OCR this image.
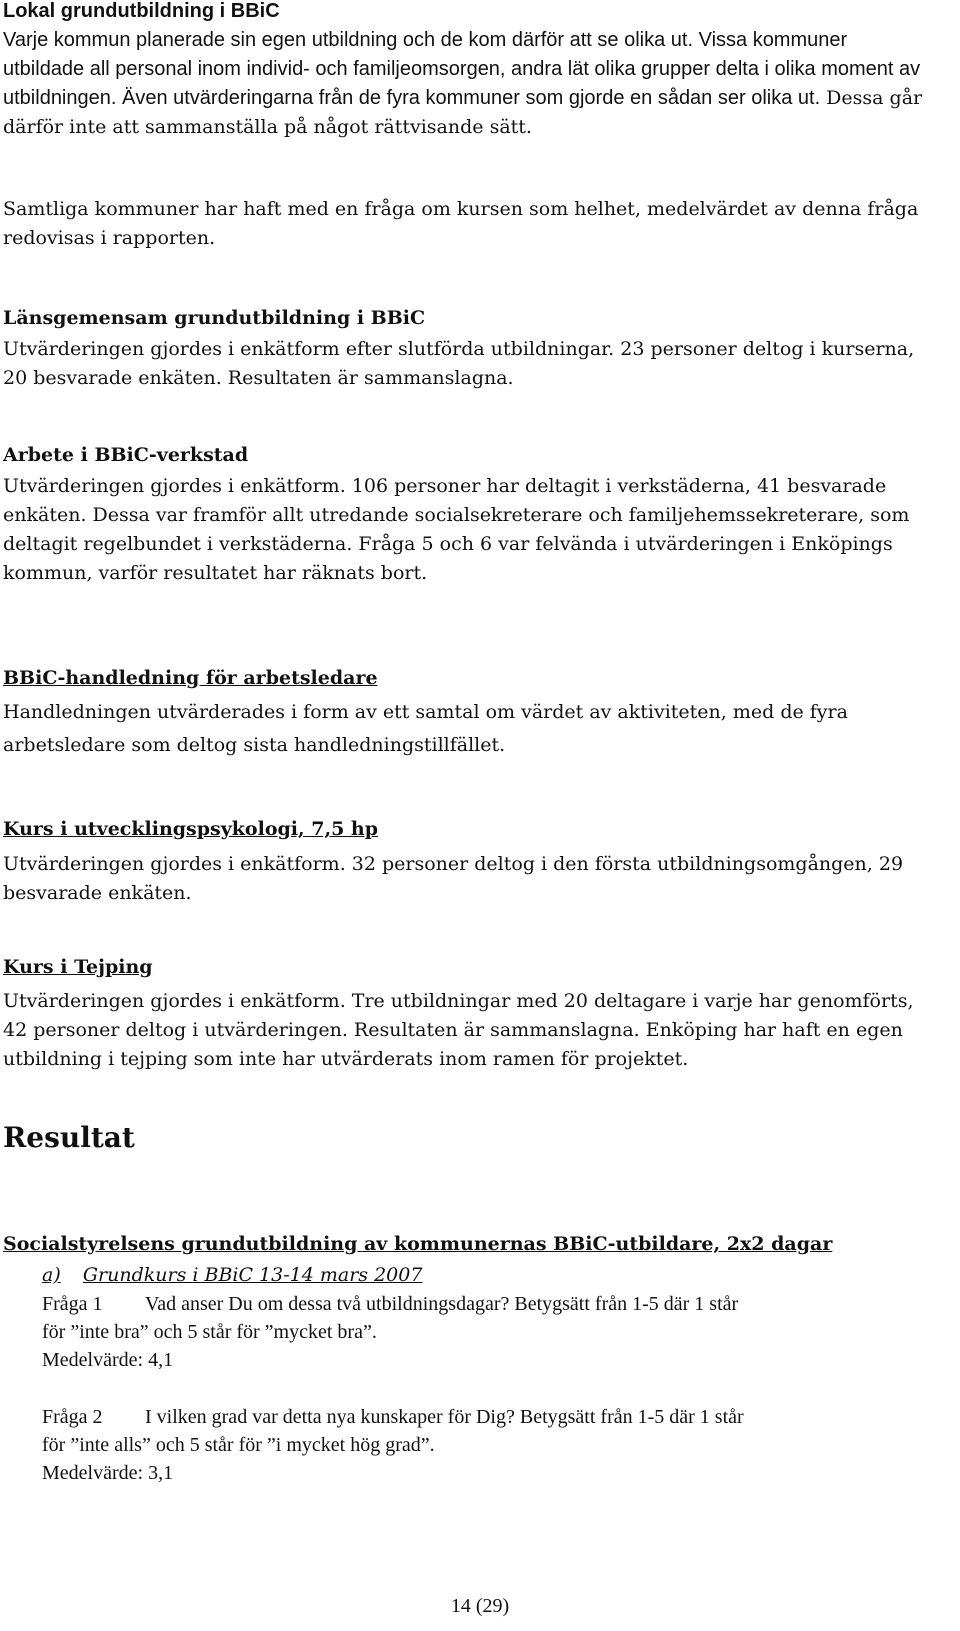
Lokal grundutbildning i BBiC

Varje kommun planerade sin egen utbildning och de kom därför att se olika ut. Vissa kommuner utbildade all personal inom individ- och familjeomsorgen, andra lät olika grupper delta i olika moment av utbildningen. Även utvärderingarna från de fyra kommuner som gjorde en sådan ser olika ut. Dessa går därför inte att sammanställa på något rättvisande sätt.

Samtliga kommuner har haft med en fråga om kursen som helhet, medelvärdet av denna fråga redovisas i rapporten.

Länsgemensam grundutbildning i BBiC

Utvärderingen gjordes i enkätform efter slutförda utbildningar. 23 personer deltog i kurserna, 20 besvarade enkäten. Resultaten är sammanslagna.

Arbete i BBiC-verkstad

Utvärderingen gjordes i enkätform. 106 personer har deltagit i verkstäderna, 41 besvarade enkäten. Dessa var framför allt utredande socialsekreterare och familjehemssekreterare, som deltagit regelbundet i verkstäderna. Fråga 5 och 6 var felvända i utvärderingen i Enköpings kommun, varför resultatet har räknats bort.

BBiC-handledning för arbetsledare

Handledningen utvärderades i form av ett samtal om värdet av aktiviteten, med de fyra arbetsledare som deltog sista handledningstillfället.

Kurs i utvecklingspsykologi, 7,5 hp

Utvärderingen gjordes i enkätform. 32 personer deltog i den första utbildningsomgången, 29 besvarade enkäten.

Kurs i Tejping

Utvärderingen gjordes i enkätform. Tre utbildningar med 20 deltagare i varje har genomförts, 42 personer deltog i utvärderingen. Resultaten är sammanslagna. Enköping har haft en egen utbildning i tejping som inte har utvärderats inom ramen för projektet.

Resultat

Socialstyrelsens grundutbildning av kommunernas BBiC-utbildare, 2x2 dagar

a) Grundkurs i BBiC 13-14 mars 2007
Fråga 1 Vad anser Du om dessa två utbildningsdagar? Betygsätt från 1-5 där 1 står
för ”inte bra” och 5 står för ”mycket bra”.
Medelvärde: 4,1
Fråga 2 I vilken grad var detta nya kunskaper för Dig? Betygsätt från 1-5 där 1 står
för ”inte alls” och 5 står för ”i mycket hög grad”.
Medelvärde: 3,1
14 (29)
